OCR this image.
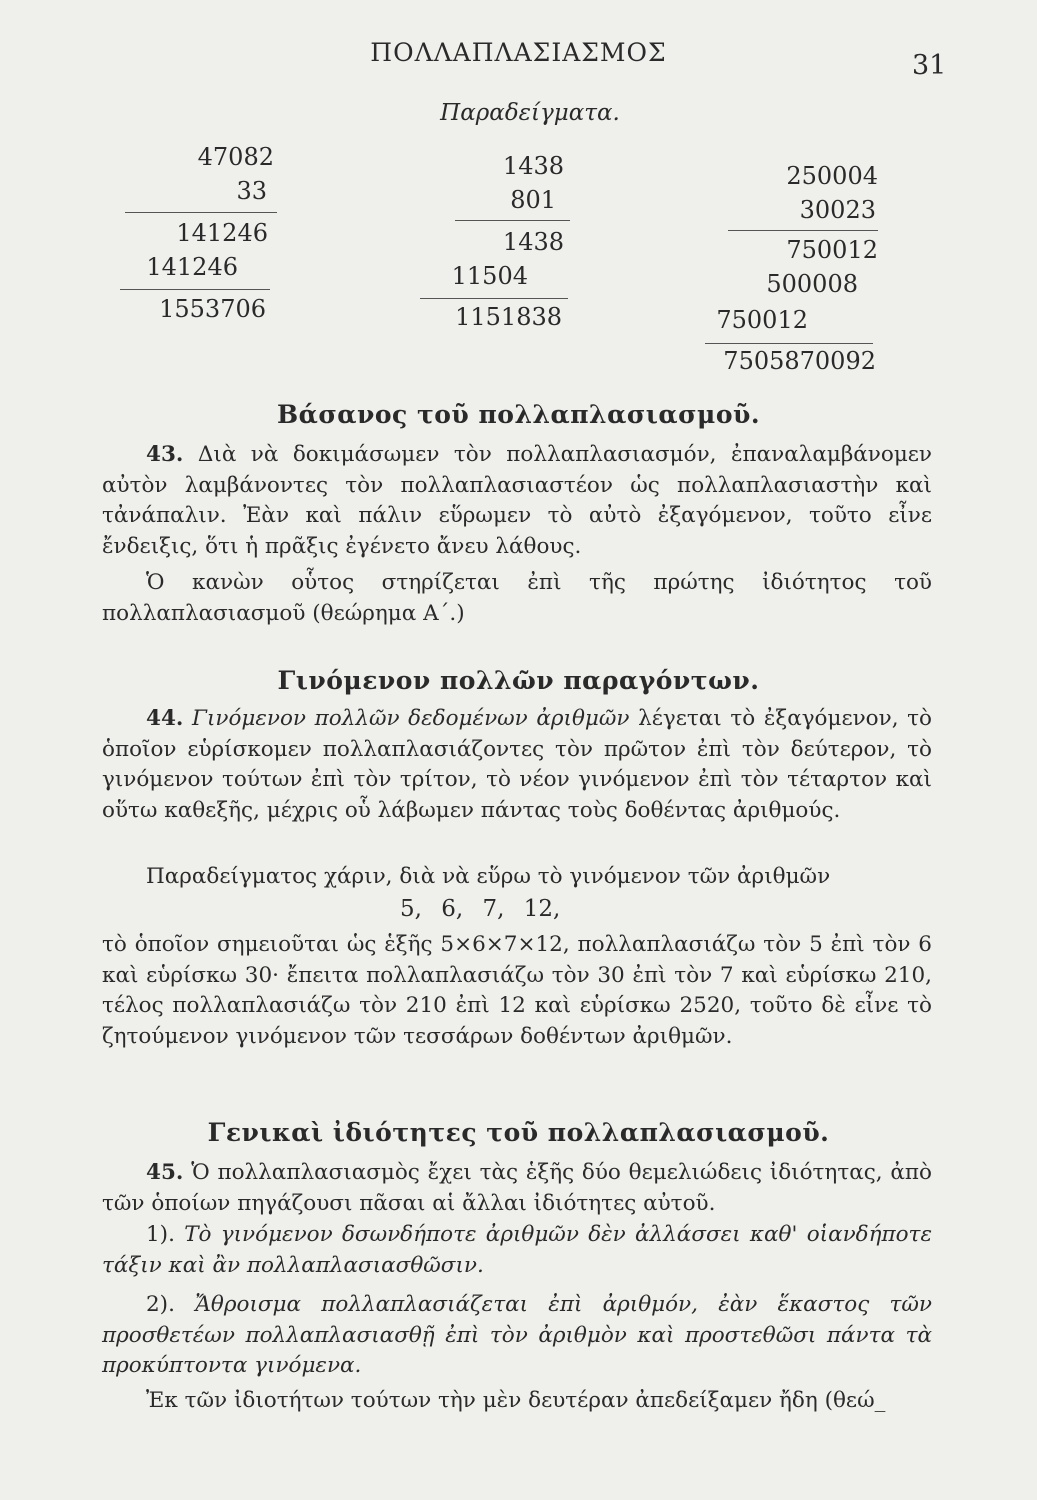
ΠΟΛΛΑΠΛΑΣΙΑΣΜΟΣ	31
Παραδείγματα.
47082
33
141246
141246
1553706
1438
801
1438
11504
1151838
250004
30023
750012
500008
750012
7505870092
Βάσανος τοῦ πολλαπλασιασμοῦ.
43. Διὰ νὰ δοκιμάσωμεν τὸν πολλαπλασιασμόν, ἐπαναλαμβάνομεν αὐτὸν λαμβάνοντες τὸν πολλαπλασιαστέον ὡς πολλαπλασιαστὴν καὶ τἀνάπαλιν. Ἐὰν καὶ πάλιν εὕρωμεν τὸ αὐτὸ ἐξαγόμενον, τοῦτο εἶνε ἔνδειξις, ὅτι ἡ πρᾶξις ἐγένετο ἄνευ λάθους.
Ὁ κανὼν οὗτος στηρίζεται ἐπὶ τῆς πρώτης ἰδιότητος τοῦ πολλαπλασιασμοῦ (θεώρημα Α΄.)
Γινόμενον πολλῶν παραγόντων.
44. Γινόμενον πολλῶν δεδομένων ἀριθμῶν λέγεται τὸ ἐξαγόμενον, τὸ ὁποῖον εὑρίσκομεν πολλαπλασιάζοντες τὸν πρῶτον ἐπὶ τὸν δεύτερον, τὸ γινόμενον τούτων ἐπὶ τὸν τρίτον, τὸ νέον γινόμενον ἐπὶ τὸν τέταρτον καὶ οὕτω καθεξῆς, μέχρις οὗ λάβωμεν πάντας τοὺς δοθέντας ἀριθμούς.
Παραδείγματος χάριν, διὰ νὰ εὕρω τὸ γινόμενον τῶν ἀριθμῶν
5, 6, 7, 12,
τὸ ὁποῖον σημειοῦται ὡς ἑξῆς 5×6×7×12, πολλαπλασιάζω τὸν 5 ἐπὶ τὸν 6 καὶ εὑρίσκω 30· ἔπειτα πολλαπλασιάζω τὸν 30 ἐπὶ τὸν 7 καὶ εὑρίσκω 210, τέλος πολλαπλασιάζω τὸν 210 ἐπὶ 12 καὶ εὑρίσκω 2520, τοῦτο δὲ εἶνε τὸ ζητούμενον γινόμενον τῶν τεσσάρων δοθέντων ἀριθμῶν.
Γενικαὶ ἰδιότητες τοῦ πολλαπλασιασμοῦ.
45. Ὁ πολλαπλασιασμὸς ἔχει τὰς ἑξῆς δύο θεμελιώδεις ἰδιότητας, ἀπὸ τῶν ὁποίων πηγάζουσι πᾶσαι αἱ ἄλλαι ἰδιότητες αὐτοῦ.
1). Τὸ γινόμενον δσωνδήποτε ἀριθμῶν δὲν ἀλλάσσει καθ' οἱανδήποτε τάξιν καὶ ἂν πολλαπλασιασθῶσιν.
2). Ἄθροισμα πολλαπλασιάζεται ἐπὶ ἀριθμόν, ἐὰν ἕκαστος τῶν προσθετέων πολλαπλασιασθῇ ἐπὶ τὸν ἀριθμὸν καὶ προστεθῶσι πάντα τὰ προκύπτοντα γινόμενα.
Ἐκ τῶν ἰδιοτήτων τούτων τὴν μὲν δευτέραν ἀπεδείξαμεν ἤδη (θεώ_
